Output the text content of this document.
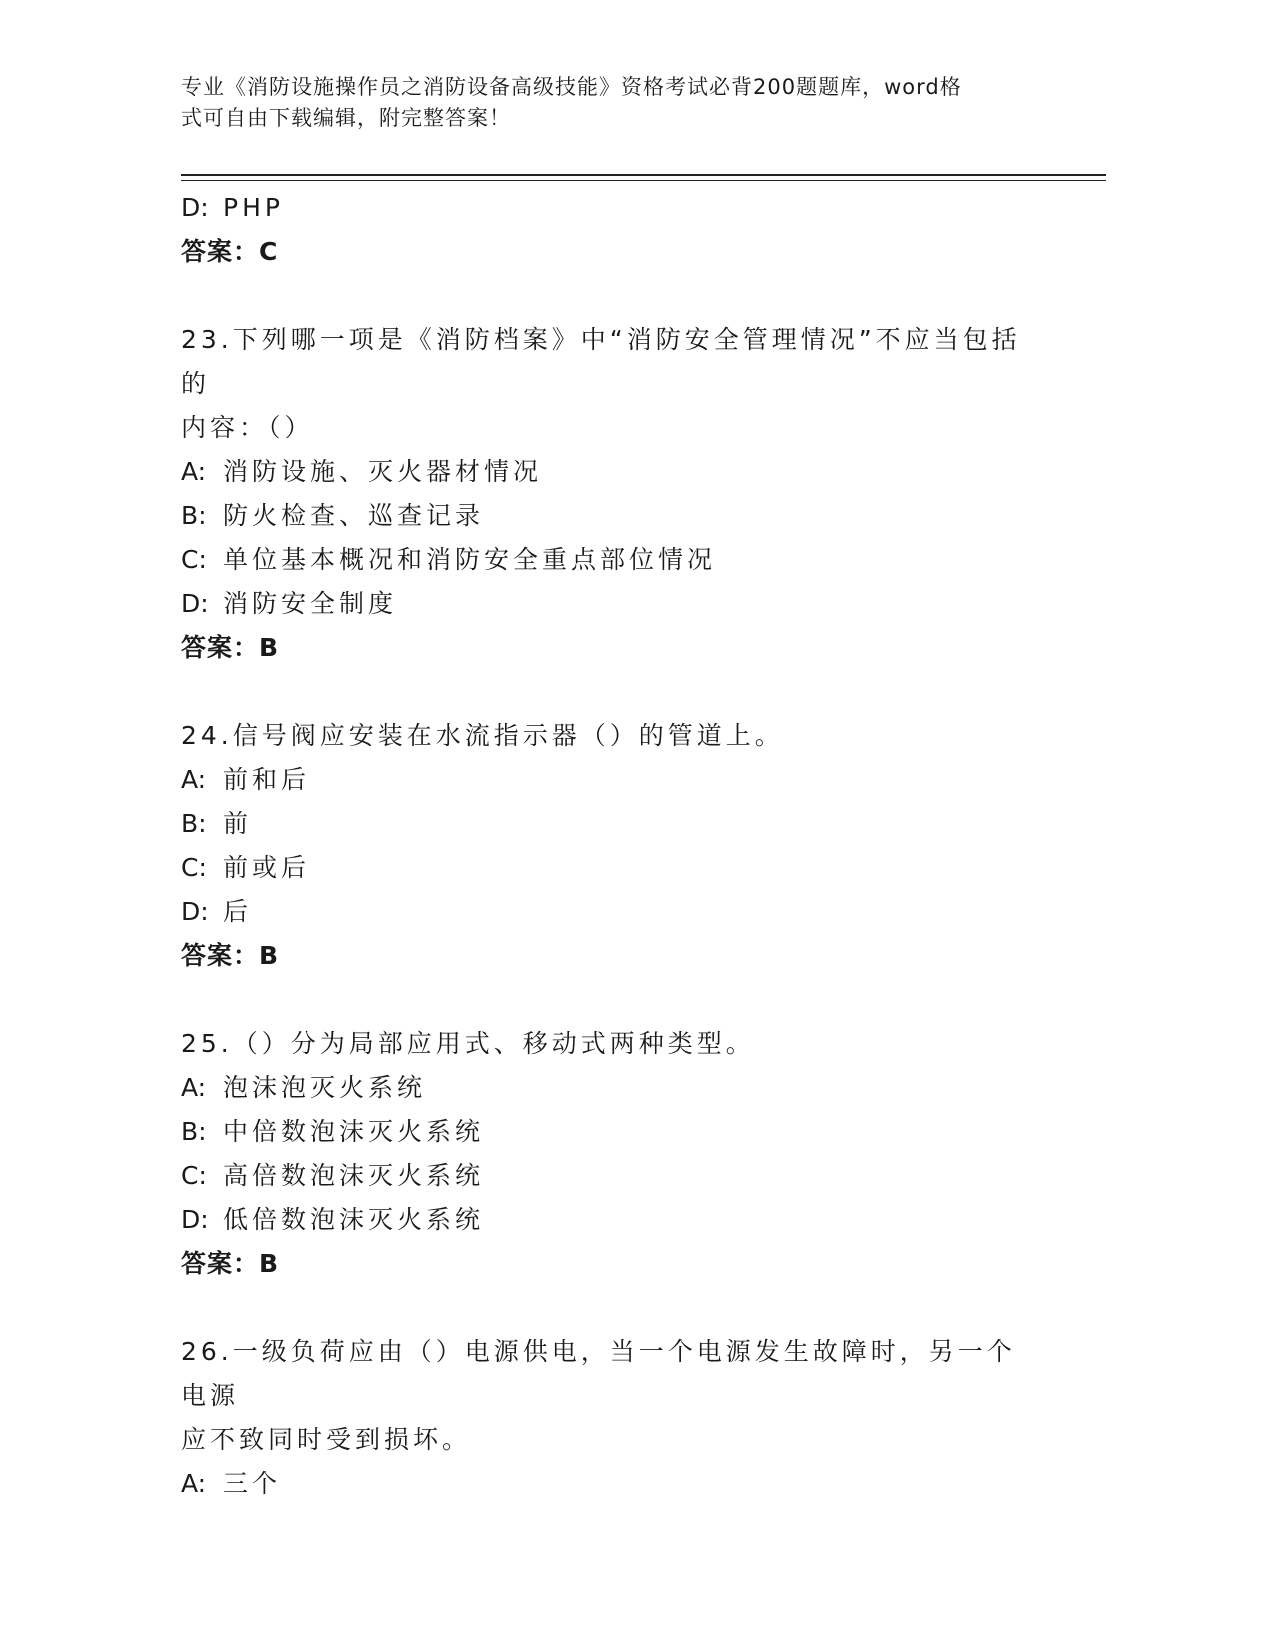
专业《消防设施操作员之消防设备高级技能》资格考试必背200题题库，word格
式可自由下载编辑，附完整答案！
D: PHP
答案：C
23.下列哪一项是《消防档案》中“消防安全管理情况”不应当包括的
内容：（）
A: 消防设施、灭火器材情况
B: 防火检查、巡查记录
C: 单位基本概况和消防安全重点部位情况
D: 消防安全制度
答案：B
24.信号阀应安装在水流指示器（）的管道上。
A: 前和后
B: 前
C: 前或后
D: 后
答案：B
25.（）分为局部应用式、移动式两种类型。
A: 泡沫泡灭火系统
B: 中倍数泡沫灭火系统
C: 高倍数泡沫灭火系统
D: 低倍数泡沫灭火系统
答案：B
26.一级负荷应由（）电源供电，当一个电源发生故障时，另一个电源
应不致同时受到损坏。
A: 三个
